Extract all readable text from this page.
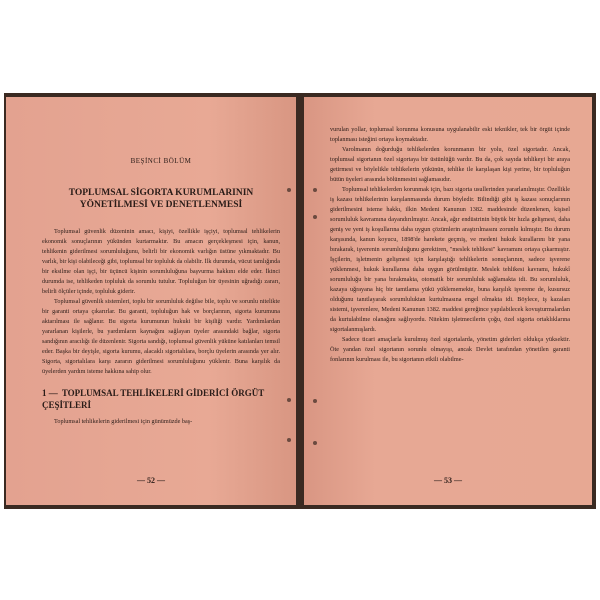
BEŞİNCİ BÖLÜM
TOPLUMSAL SİGORTA KURUMLARININ
YÖNETİLMESİ VE DENETLENMESİ

Toplumsal güvenlik düzeninin amacı, kişiyi, özellikle işçiyi, toplumsal tehlikelerin ekonomik sonuçlarının yükünden kurtarmaktır. Bu amacın gerçekleşmesi için, kanun, tehlikenin giderilmesi sorumluluğunu, belirli bir ekonomik varlığın üstüne yıkmaktadır. Bu varlık, bir kişi olabileceği gibi, toplumsal bir topluluk da olabilir. İlk durumda, vücut tamlığında bir eksilme olan işçi, bir üçüncü kişinin sorumluluğuna başvurma hakkını elde eder. İkinci durumda ise, tehlikeden topluluk da sorumlu tutulur. Topluluğun bir üyesinin uğradığı zararı, belirli ölçüler içinde, topluluk giderir.

Toplumsal güvenlik sistemleri, toplu bir sorumluluk değilse bile, toplu ve sorunlu nitelikte bir garanti ortaya çıkarırlar. Bu garanti, topluluğun hak ve borçlarının, sigorta kurumuna aktarılması ile sağlanır. Bu sigorta kurumunun hukuki bir kişiliği vardır. Yardımlardan yararlanan kişilerle, bu yardımların kaynağını sağlayan üyeler arasındaki bağlar, sigorta sandığının aracılığı ile düzenlenir. Sigorta sandığı, toplumsal güvenlik yüküne katılanları temsil eder. Başka bir deyişle, sigorta kurumu, alacaklı sigortalılara, borçlu üyelerin arasında yer alır. Sigorta, sigortalılara karşı zararın giderilmesi sorumluluğunu yüklenir. Buna karşılık da üyelerden yardım isteme hakkına sahip olur.

1 — TOPLUMSAL TEHLİKELERİ GİDERİCİ ÖRGÜT ÇEŞİTLERİ

Toplumsal tehlikelerin giderilmesi için günümüzde baş-

— 52 —

vurulan yollar, toplumsal korunma konusuna uygulanabilir eski teknikler, tek bir örgüt içinde toplanması isteğini ortaya koymaktadır.

Varolmanın doğurduğu tehlikelerden korunmanın bir yolu, özel sigortadır. Ancak, toplumsal sigortanın özel sigortaya bir üstünlüğü vardır. Bu da, çok sayıda tehlikeyi bir araya getirmesi ve böylelikle tehlikelerin yükünün, tehlike ile karşılaşan kişi yerine, bir topluluğun bütün üyeleri arasında bölünmesini sağlamasıdır.

Toplumsal tehlikelerden korunmak için, bazı sigorta usullerinden yararlanılmıştır. Özellikle iş kazası tehlikelerinin karşılanmasında durum böyledir. Bilindiği gibi iş kazası sonuçlarının giderilmesini isteme hakkı, ilkin Medeni Kanunun 1382. maddesinde düzenlenen, kişisel sorumluluk kavramına dayandırılmıştır. Ancak, ağır endüstrinin büyük bir hızla gelişmesi, daha geniş ve yeni iş koşullarına daha uygun çözümlerin araştırılmasını zorunlu kılmıştır. Bu durum karşısında, kanun koyucu, 1898'de harekete geçmiş, ve medeni hukuk kurallarını bir yana bırakarak, işverenin sorumluluğunu gerektiren, "meslek tehlikesi" kavramını ortaya çıkarmıştır. İşçilerin, işletmenin gelişmesi için karşılaştığı tehlikelerin sonuçlarının, sadece işverene yüklenmesi, hukuk kurallarına daha uygun görülmüştür. Meslek tehlikesi kavramı, hukukî sorumluluğu bir yana bırakmakta, otomatik bir sorumluluk sağlamakta idi. Bu sorumluluk, kazaya uğrayana hiç bir tamtlama yükü yüklememekte, buna karşılık işverene de, kusursuz olduğunu tanıtlayarak sorumluluktan kurtulmasına engel olmakta idi. Böylece, iş kazaları sistemi, işverenlere, Medeni Kanunun 1382. maddesi gereğince yapılabilecek kovuşturmalardan da kurtulabilme olanağını sağlıyordu. Nitekim işletmecilerin çoğu, özel sigorta ortaklıklarına sigortalanmışlardı.

Sadece ticari amaçlarla kurulmuş özel sigortalarda, yönetim giderleri oldukça yüksektir. Öte yandan özel sigortanın sorunlu olmayışı, ancak Devlet tarafından yönetilen garanti fonlarının kurulması ile, bu sigortanın etkili olabilme-

— 53 —
